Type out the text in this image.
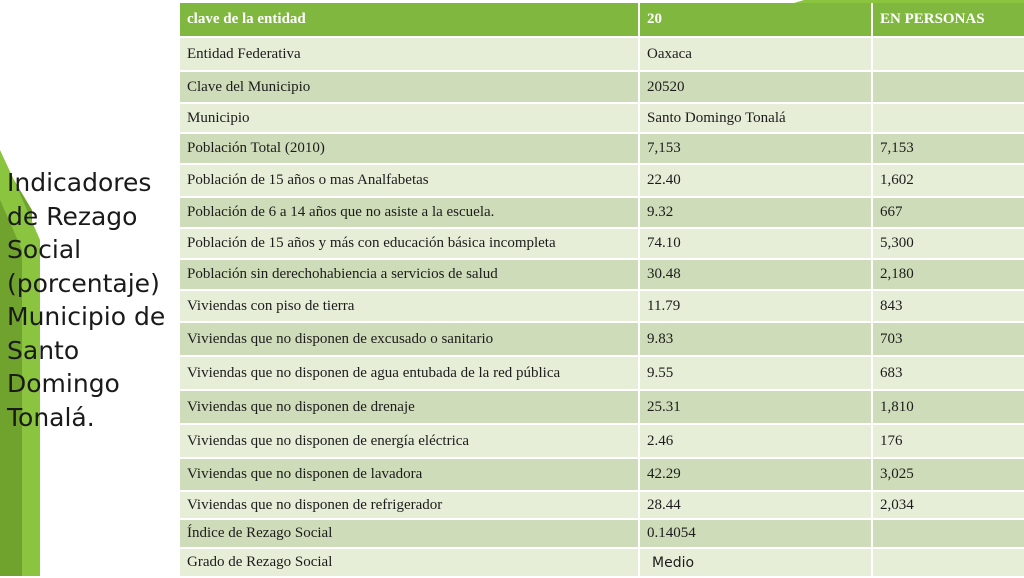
Indicadores de Rezago Social (porcentaje) Municipio de Santo Domingo Tonalá.
clave de la entidad	20	EN PERSONAS
Entidad Federativa	Oaxaca	
Clave del Municipio	20520	
Municipio	Santo Domingo Tonalá	
Población Total (2010)	7,153	7,153
Población de 15 años o mas Analfabetas	22.40	1,602
Población de 6 a 14 años que no asiste a la escuela.	9.32	667
Población de 15 años y más con educación básica incompleta	74.10	5,300
Población sin derechohabiencia a servicios de salud	30.48	2,180
Viviendas con piso de tierra	11.79	843
Viviendas que no disponen de excusado o sanitario	9.83	703
Viviendas que no disponen de agua entubada de la red pública	9.55	683
Viviendas que no disponen de drenaje	25.31	1,810
Viviendas que no disponen de energía eléctrica	2.46	176
Viviendas que no disponen de lavadora	42.29	3,025
Viviendas que no disponen de refrigerador	28.44	2,034
Índice de Rezago Social	0.14054	
Grado de Rezago Social	Medio	
